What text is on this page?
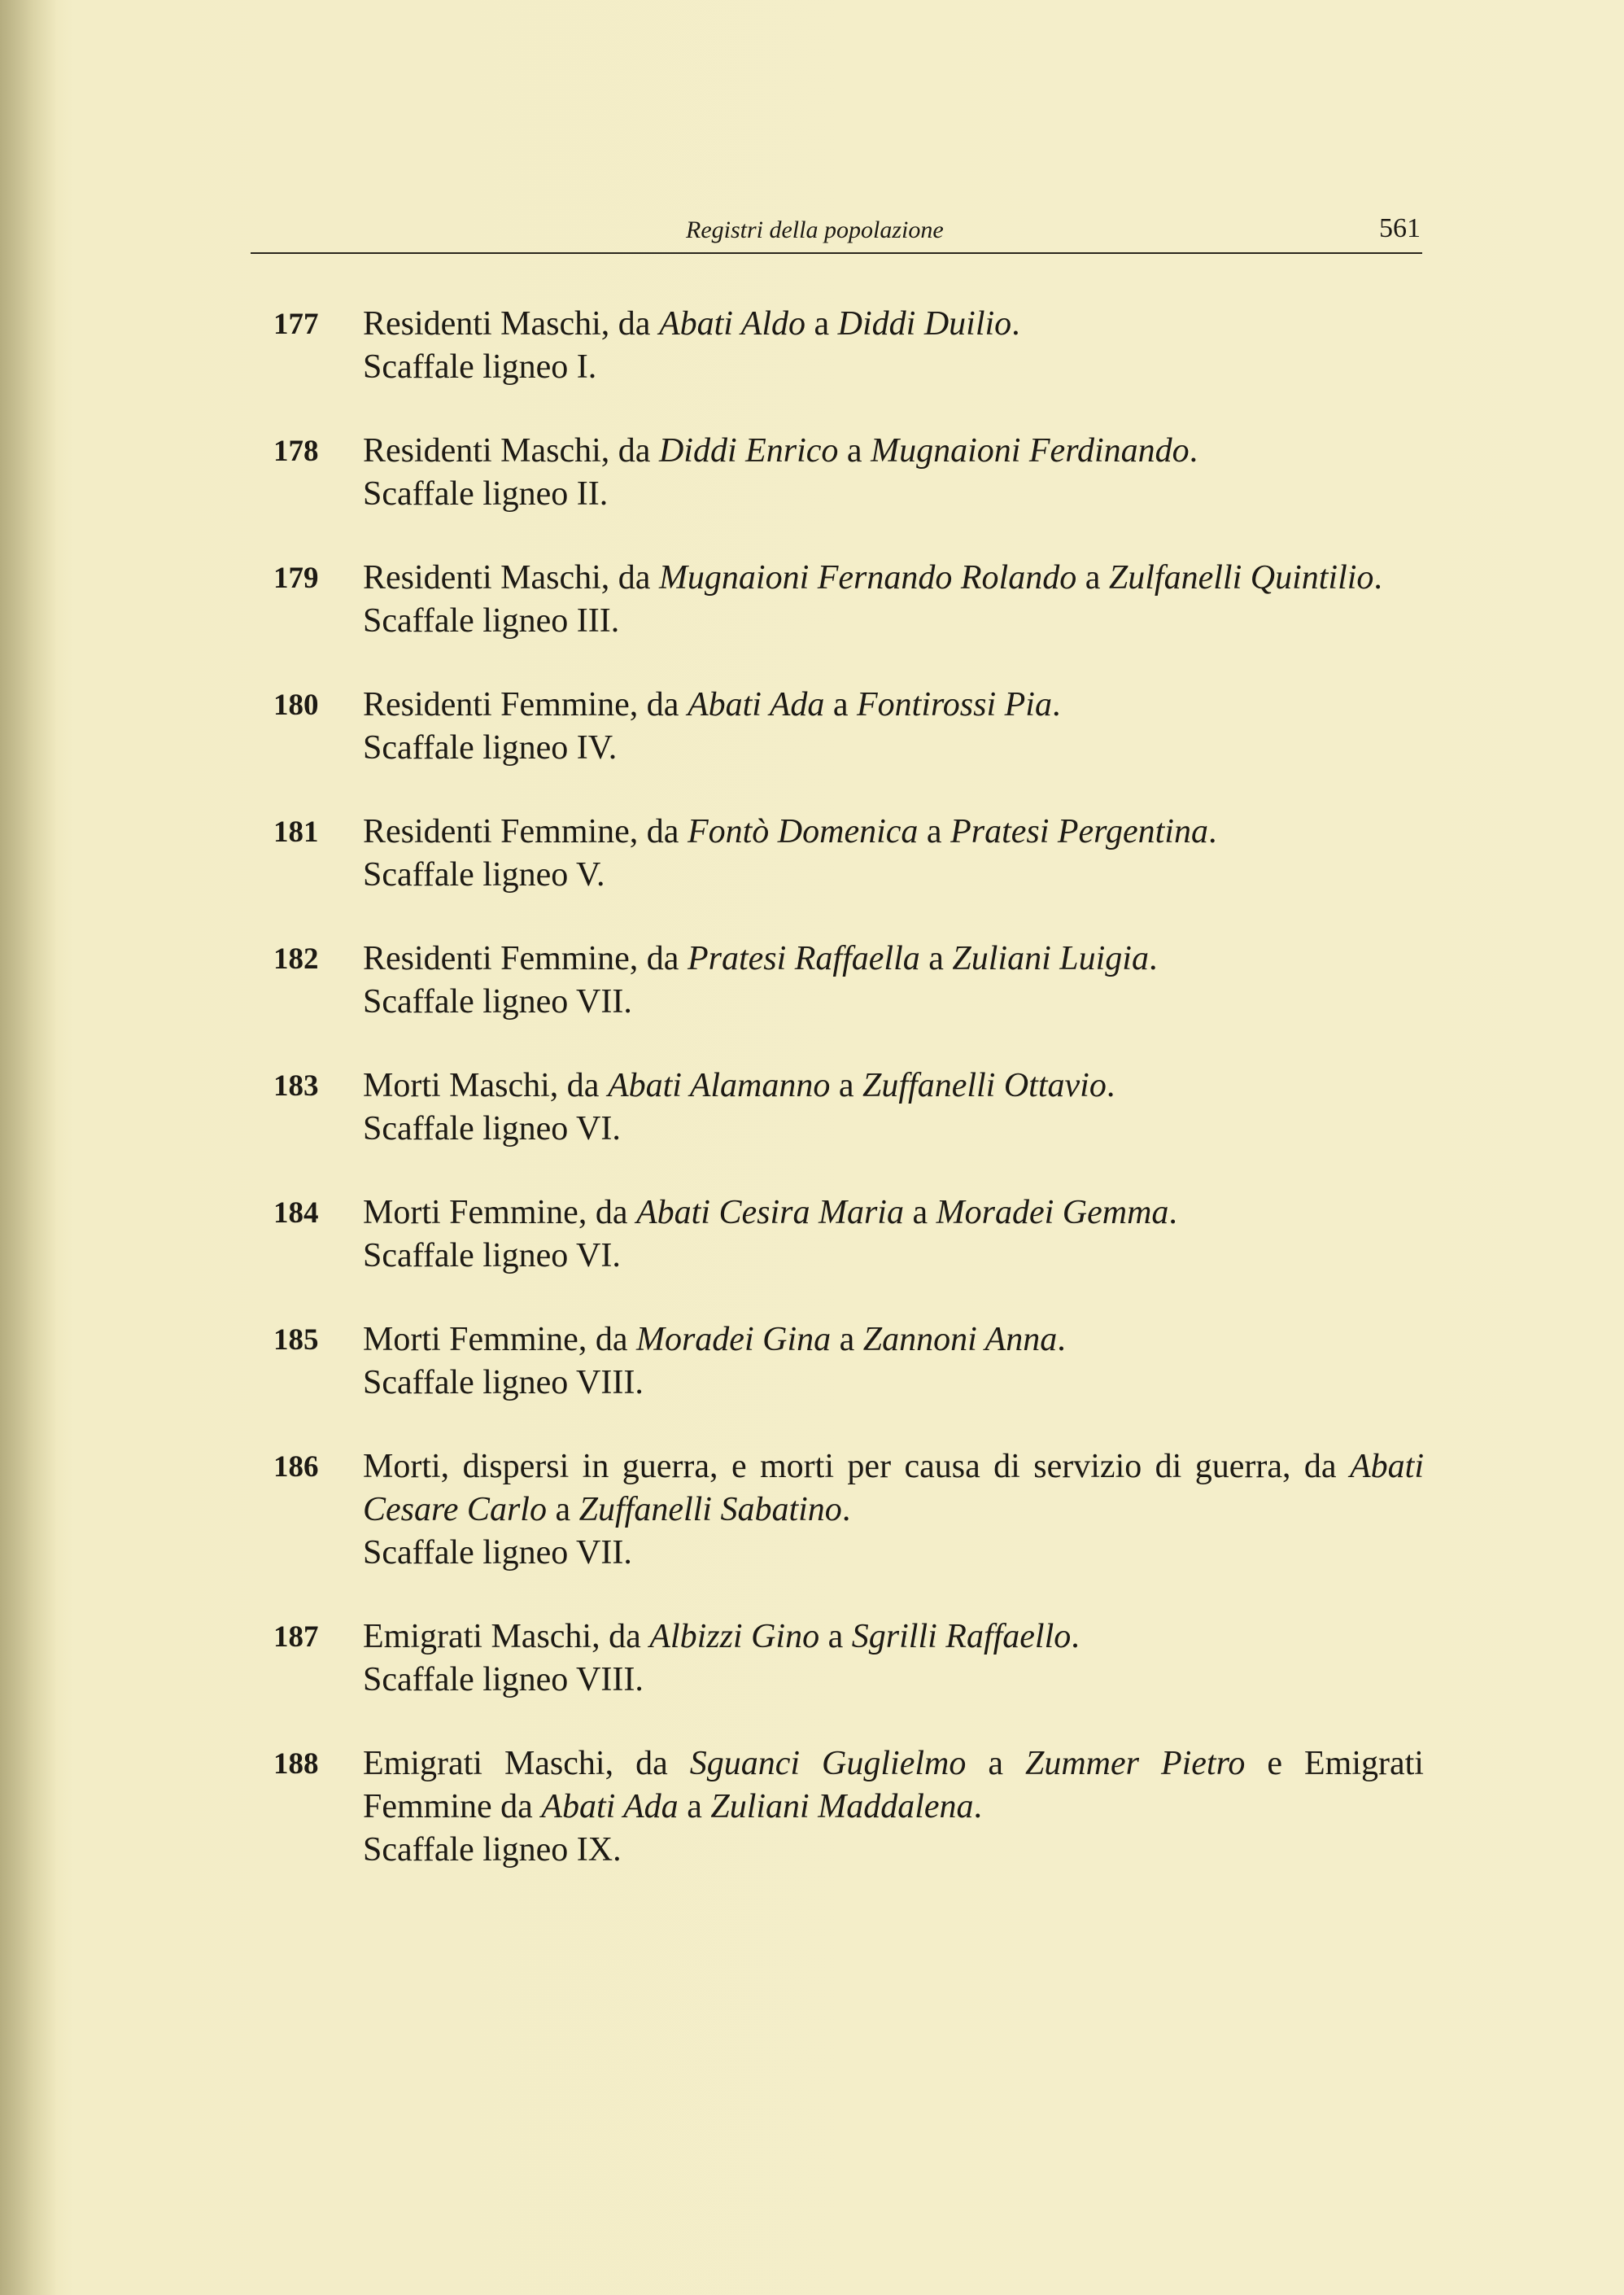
Registri della popolazione	561
177 Residenti Maschi, da Abati Aldo a Diddi Duilio.
Scaffale ligneo I.
178 Residenti Maschi, da Diddi Enrico a Mugnaioni Ferdinando.
Scaffale ligneo II.
179 Residenti Maschi, da Mugnaioni Fernando Rolando a Zulfanelli Quintilio.
Scaffale ligneo III.
180 Residenti Femmine, da Abati Ada a Fontirossi Pia.
Scaffale ligneo IV.
181 Residenti Femmine, da Fontò Domenica a Pratesi Pergentina.
Scaffale ligneo V.
182 Residenti Femmine, da Pratesi Raffaella a Zuliani Luigia.
Scaffale ligneo VII.
183 Morti Maschi, da Abati Alamanno a Zuffanelli Ottavio.
Scaffale ligneo VI.
184 Morti Femmine, da Abati Cesira Maria a Moradei Gemma.
Scaffale ligneo VI.
185 Morti Femmine, da Moradei Gina a Zannoni Anna.
Scaffale ligneo VIII.
186 Morti, dispersi in guerra, e morti per causa di servizio di guerra, da Abati Cesare Carlo a Zuffanelli Sabatino.
Scaffale ligneo VII.
187 Emigrati Maschi, da Albizzi Gino a Sgrilli Raffaello.
Scaffale ligneo VIII.
188 Emigrati Maschi, da Sguanci Guglielmo a Zummer Pietro e Emigrati Femmine da Abati Ada a Zuliani Maddalena.
Scaffale ligneo IX.
